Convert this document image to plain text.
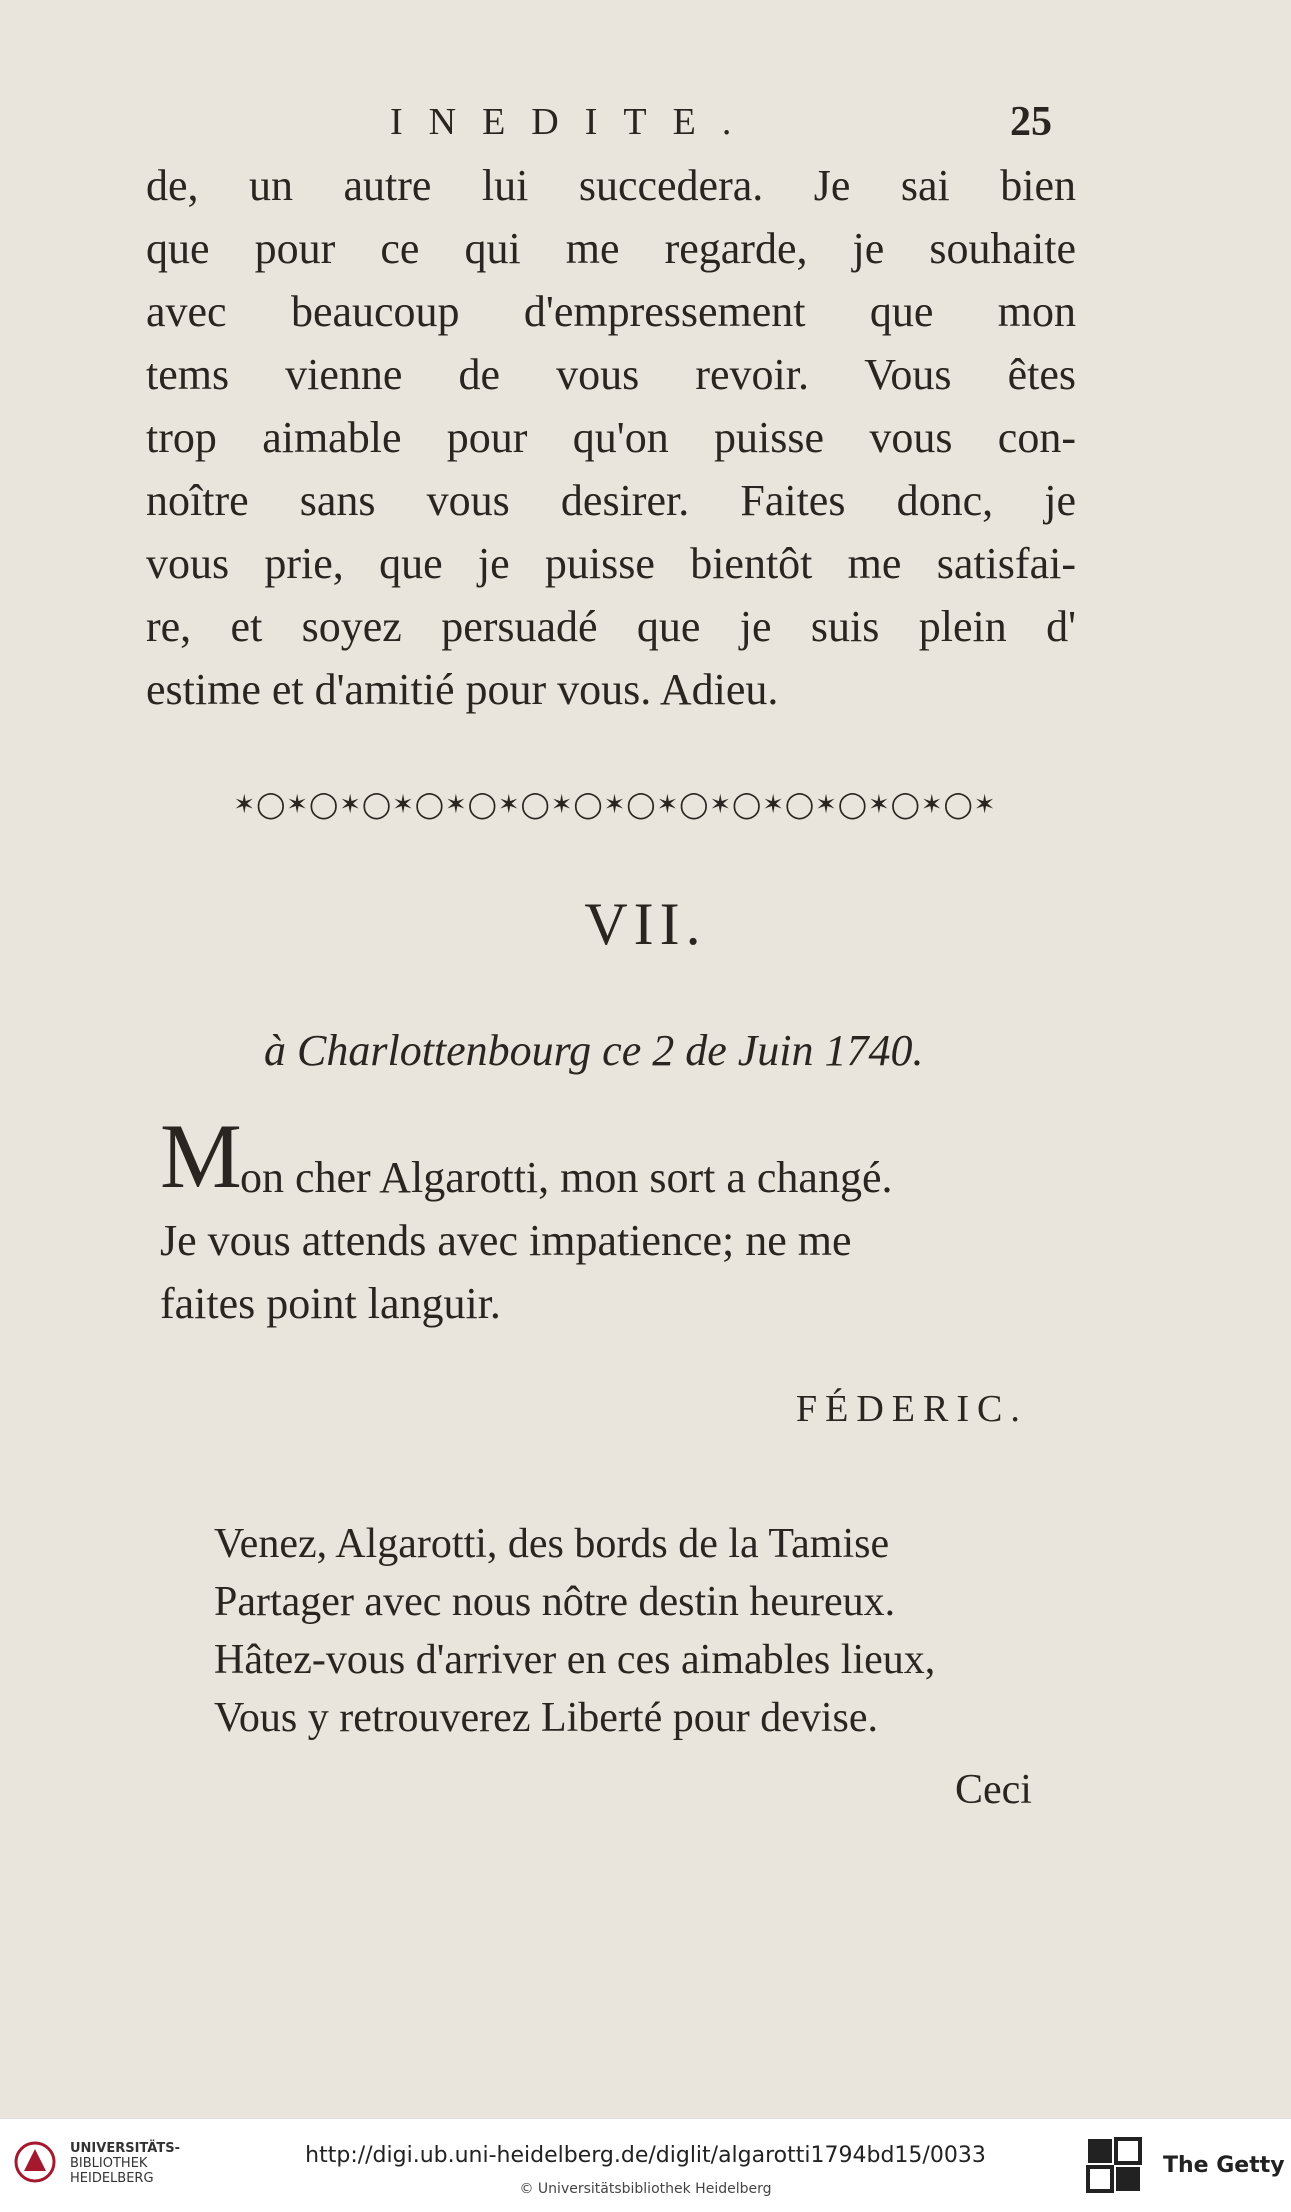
INEDITE.	25
de, un autre lui succedera. Je sai bien
que pour ce qui me regarde, je souhaite
avec beaucoup d'empressement que mon
tems vienne de vous revoir. Vous êtes
trop aimable pour qu'on puisse vous con-
noître sans vous desirer. Faites donc, je
vous prie, que je puisse bientôt me satisfai-
re, et soyez persuadé que je suis plein d'
estime et d'amitié pour vous. Adieu.
✶◯✶◯✶◯✶◯✶◯✶◯✶◯✶◯✶◯✶◯✶◯✶◯✶◯✶◯✶
VII.
à Charlottenbourg ce 2 de Juin 1740.
M
on cher Algarotti, mon sort a changé.
Je vous attends avec impatience; ne me
faites point languir.
FÉDERIC.
Venez, Algarotti, des bords de la Tamise
Partager avec nous nôtre destin heureux.
Hâtez-vous d'arriver en ces aimables lieux,
Vous y retrouverez Liberté pour devise.
Ceci
UNIVERSITÄTS-
BIBLIOTHEK
HEIDELBERG
http://digi.ub.uni-heidelberg.de/diglit/algarotti1794bd15/0033
© Universitätsbibliothek Heidelberg
The Getty
